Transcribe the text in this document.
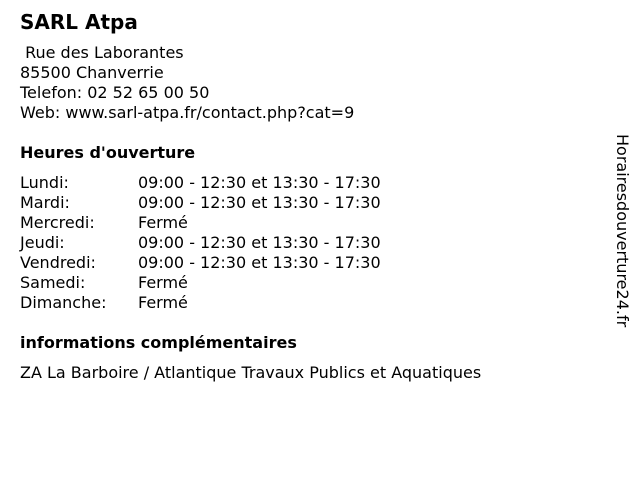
SARL Atpa
Rue des Laborantes
85500 Chanverrie
Telefon: 02 52 65 00 50
Web: www.sarl-atpa.fr/contact.php?cat=9
Heures d'ouverture
Lundi:	09:00 - 12:30 et 13:30 - 17:30
Mardi:	09:00 - 12:30 et 13:30 - 17:30
Mercredi:	Fermé
Jeudi:	09:00 - 12:30 et 13:30 - 17:30
Vendredi:	09:00 - 12:30 et 13:30 - 17:30
Samedi:	Fermé
Dimanche:	Fermé
informations complémentaires
ZA La Barboire / Atlantique Travaux Publics et Aquatiques
Horairesdouverture24.fr
